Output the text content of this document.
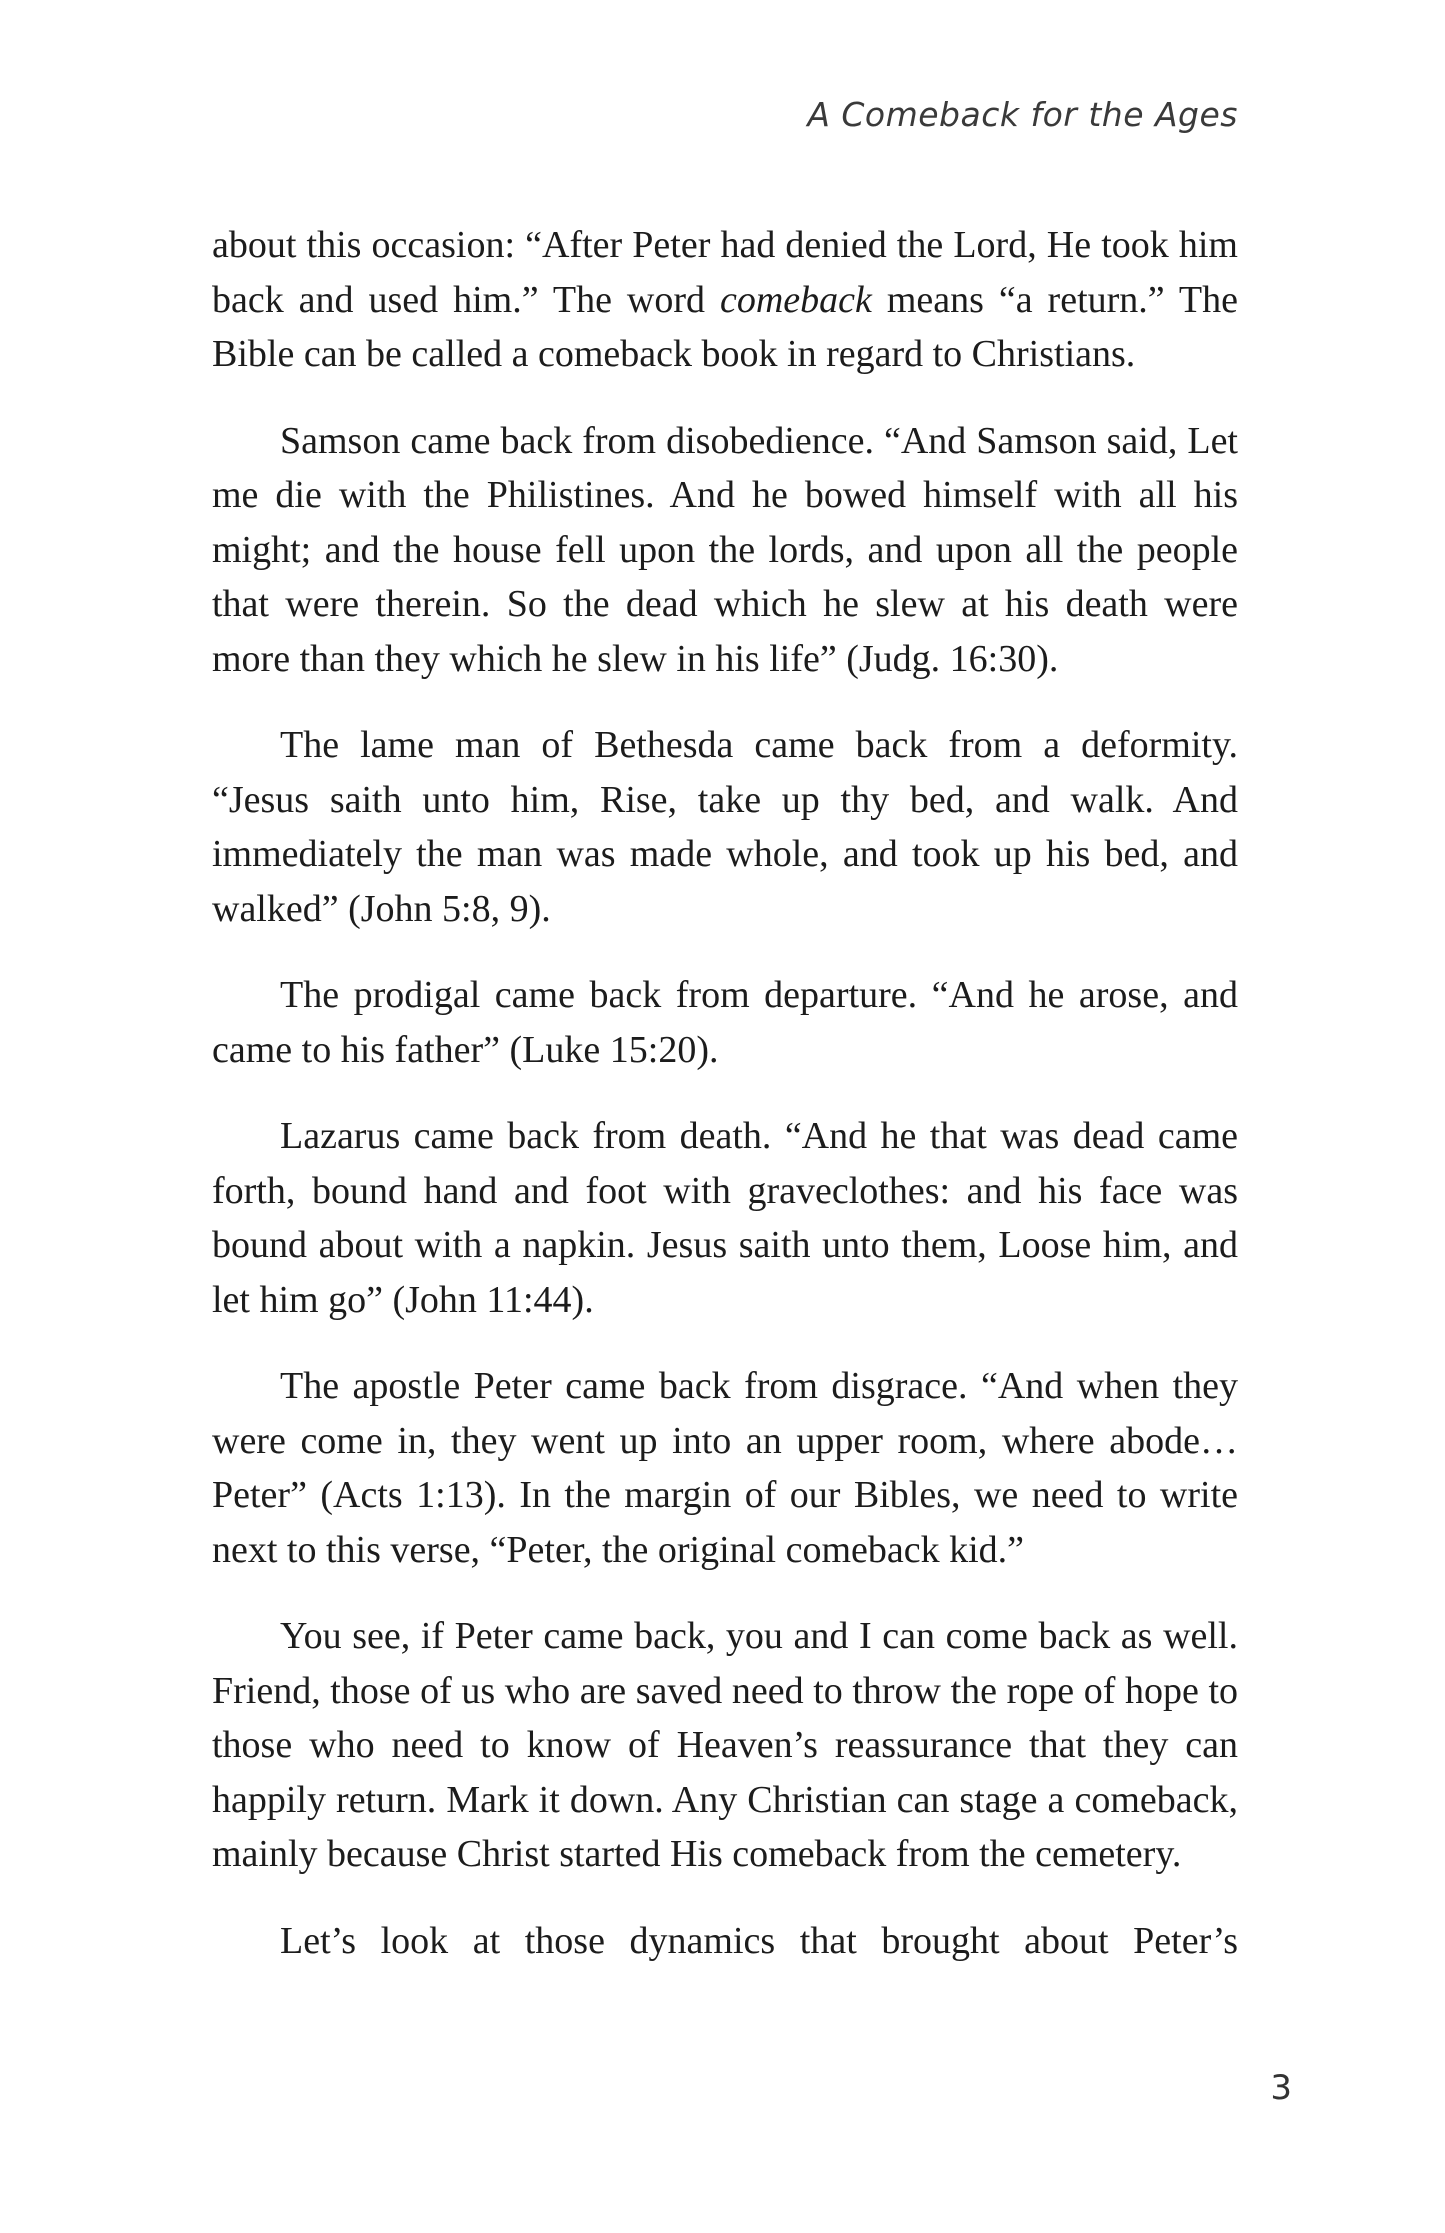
A Comeback for the Ages

about this occasion: “After Peter had denied the Lord, He took him back and used him.” The word comeback means “a return.” The Bible can be called a comeback book in regard to Christians.

Samson came back from disobedience. “And Samson said, Let me die with the Philistines. And he bowed himself with all his might; and the house fell upon the lords, and upon all the people that were therein. So the dead which he slew at his death were more than they which he slew in his life” (Judg. 16:30).

The lame man of Bethesda came back from a deformity. “Jesus saith unto him, Rise, take up thy bed, and walk. And immediately the man was made whole, and took up his bed, and walked” (John 5:8, 9).

The prodigal came back from departure. “And he arose, and came to his father” (Luke 15:20).

Lazarus came back from death. “And he that was dead came forth, bound hand and foot with graveclothes: and his face was bound about with a napkin. Jesus saith unto them, Loose him, and let him go” (John 11:44).

The apostle Peter came back from disgrace. “And when they were come in, they went up into an upper room, where abode… Peter” (Acts 1:13). In the margin of our Bibles, we need to write next to this verse, “Peter, the original comeback kid.”

You see, if Peter came back, you and I can come back as well. Friend, those of us who are saved need to throw the rope of hope to those who need to know of Heaven’s reassurance that they can happily return. Mark it down. Any Christian can stage a comeback, mainly because Christ started His comeback from the cemetery.

Let’s look at those dynamics that brought about Peter’s

3
